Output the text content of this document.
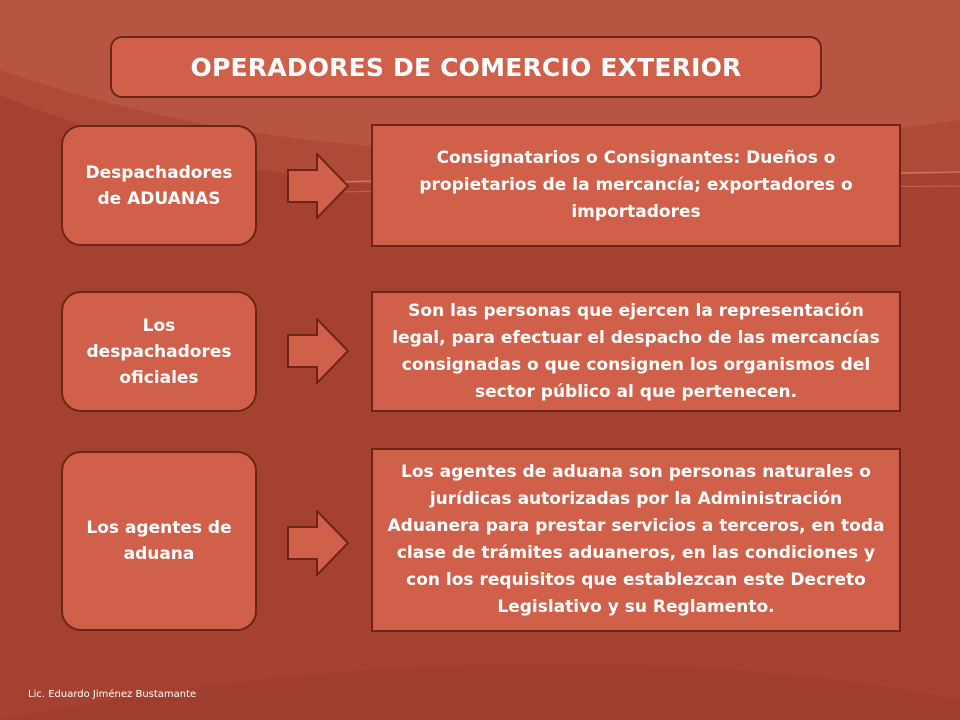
OPERADORES DE COMERCIO EXTERIOR
Despachadores de ADUANAS
Consignatarios o Consignantes: Dueños o propietarios de la mercancía; exportadores o importadores
Los despachadores oficiales
Son las personas que ejercen la representación legal, para efectuar el despacho de las mercancías consignadas o que consignen los organismos del sector público al que pertenecen.
Los agentes de aduana
Los agentes de aduana son personas naturales o jurídicas autorizadas por la Administración Aduanera para prestar servicios a terceros, en toda clase de trámites aduaneros, en las condiciones y con los requisitos que establezcan este Decreto Legislativo y su Reglamento.
Lic. Eduardo Jiménez Bustamante
